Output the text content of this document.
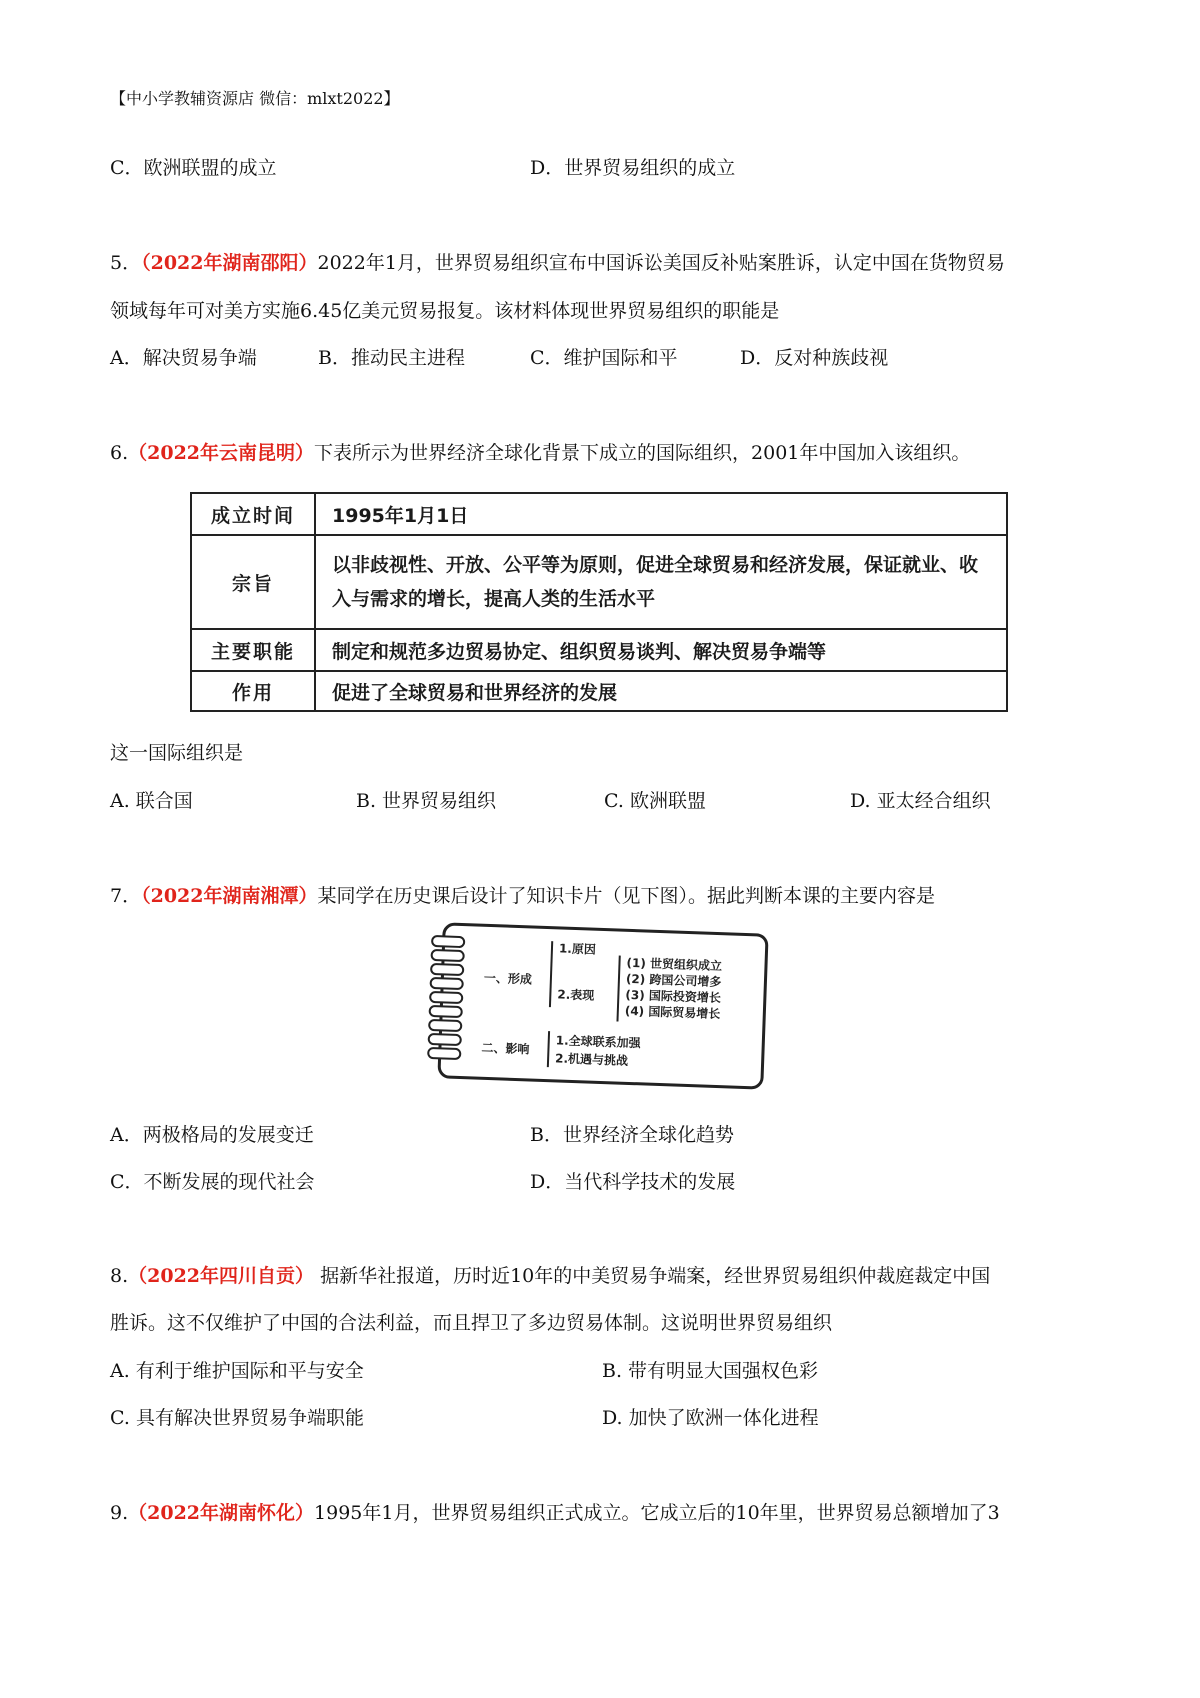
【中小学教辅资源店 微信：mlxt2022】
C．欧洲联盟的成立	D．世界贸易组织的成立
5．（2022年湖南邵阳）2022年1月，世界贸易组织宣布中国诉讼美国反补贴案胜诉，认定中国在货物贸易
领域每年可对美方实施6.45亿美元贸易报复。该材料体现世界贸易组织的职能是
A．解决贸易争端	B．推动民主进程	C．维护国际和平	D．反对种族歧视
6.（2022年云南昆明）下表所示为世界经济全球化背景下成立的国际组织，2001年中国加入该组织。
成立时间	1995年1月1日
宗旨	以非歧视性、开放、公平等为原则，促进全球贸易和经济发展，保证就业、收入与需求的增长，提高人类的生活水平
主要职能	制定和规范多边贸易协定、组织贸易谈判、解决贸易争端等
作用	促进了全球贸易和世界经济的发展
这一国际组织是
A. 联合国	B. 世界贸易组织	C. 欧洲联盟	D. 亚太经合组织
7．（2022年湖南湘潭）某同学在历史课后设计了知识卡片（见下图）。据此判断本课的主要内容是
一、形成
1.原因
2.表现
(1) 世贸组织成立
(2) 跨国公司增多
(3) 国际投资增长
(4) 国际贸易增长
二、影响 1.全球联系加强
2.机遇与挑战
A．两极格局的发展变迁	B．世界经济全球化趋势
C．不断发展的现代社会	D．当代科学技术的发展
8.（2022年四川自贡） 据新华社报道，历时近10年的中美贸易争端案，经世界贸易组织仲裁庭裁定中国
胜诉。这不仅维护了中国的合法利益，而且捍卫了多边贸易体制。这说明世界贸易组织
A. 有利于维护国际和平与安全	B. 带有明显大国强权色彩
C. 具有解决世界贸易争端职能	D. 加快了欧洲一体化进程
9.（2022年湖南怀化）1995年1月，世界贸易组织正式成立。它成立后的10年里，世界贸易总额增加了3
